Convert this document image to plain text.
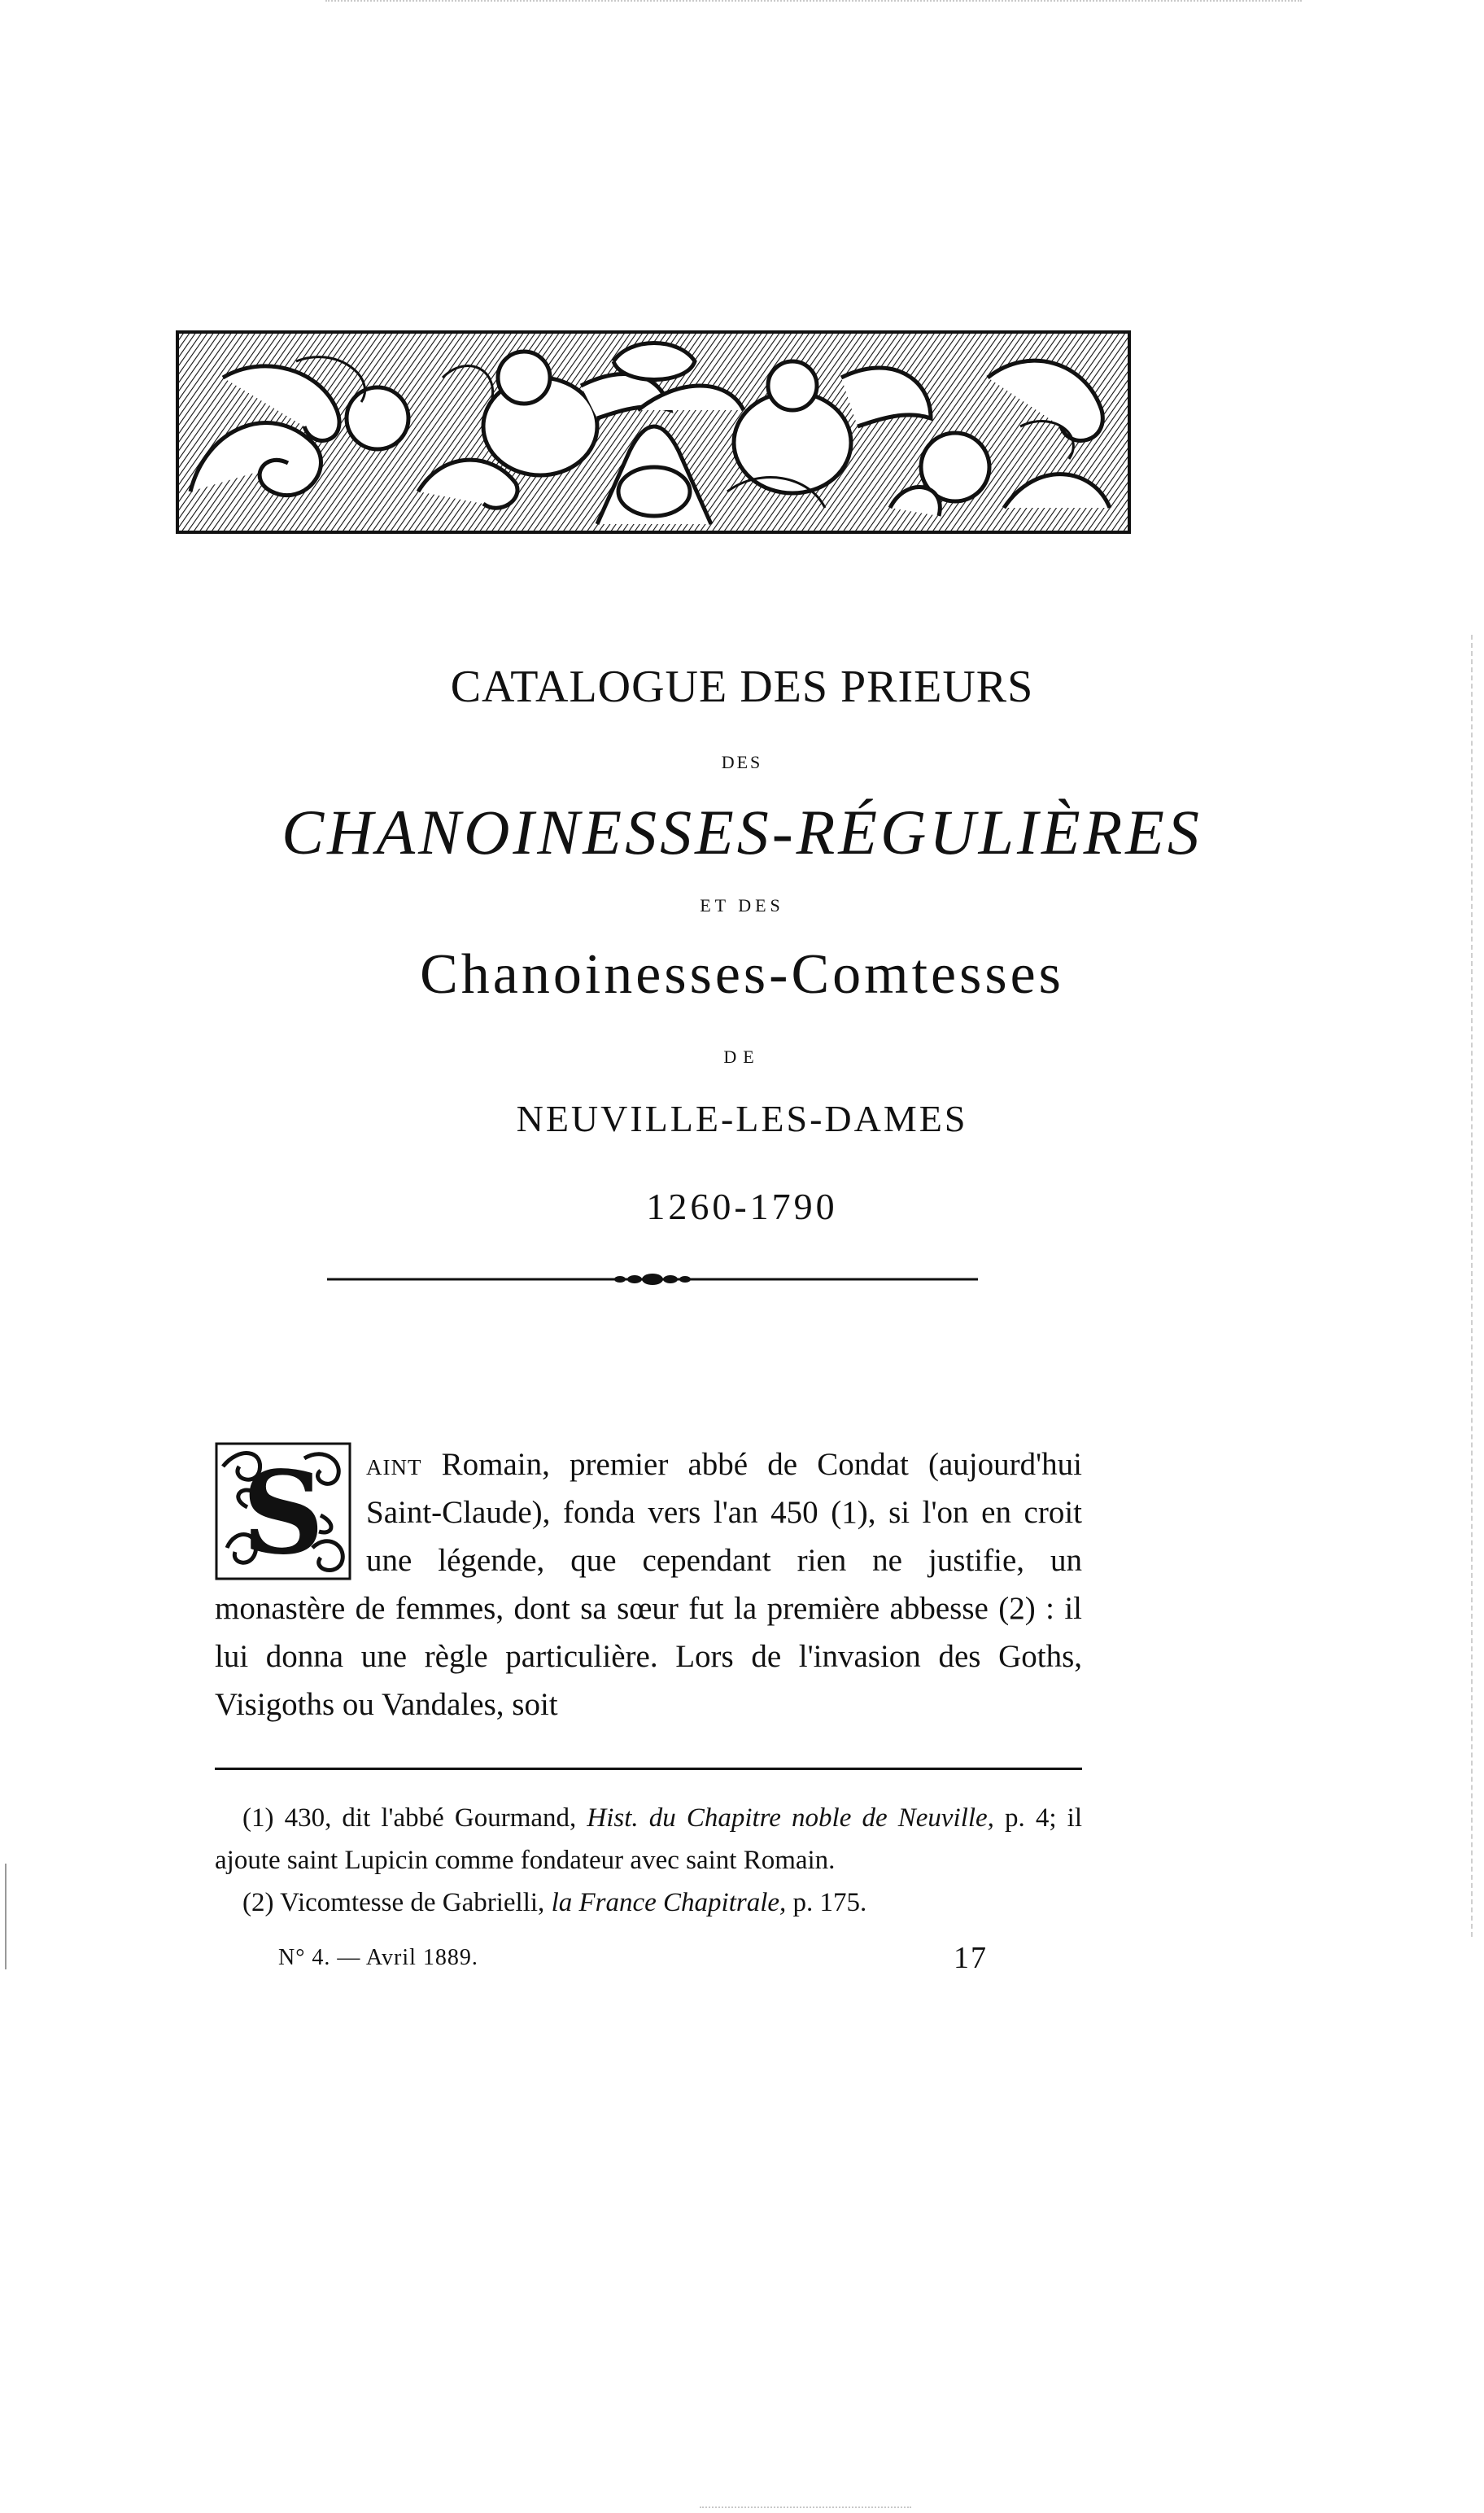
CATALOGUE DES PRIEURS
DES
CHANOINESSES-RÉGULIÈRES
ET DES
Chanoinesses-Comtesses
DE
NEUVILLE-LES-DAMES
1260-1790
S aint Romain, premier abbé de Condat (aujourd'hui Saint-Claude), fonda vers l'an 450 (1), si l'on en croit une légende, que cependant rien ne justifie, un monastère de femmes, dont sa sœur fut la première abbesse (2) : il lui donna une règle particulière. Lors de l'invasion des Goths, Visigoths ou Vandales, soit

(1) 430, dit l'abbé Gourmand, Hist. du Chapitre noble de Neuville, p. 4; il ajoute saint Lupicin comme fondateur avec saint Romain.

(2) Vicomtesse de Gabrielli, la France Chapitrale, p. 175.

N° 4. — Avril 1889.	17
